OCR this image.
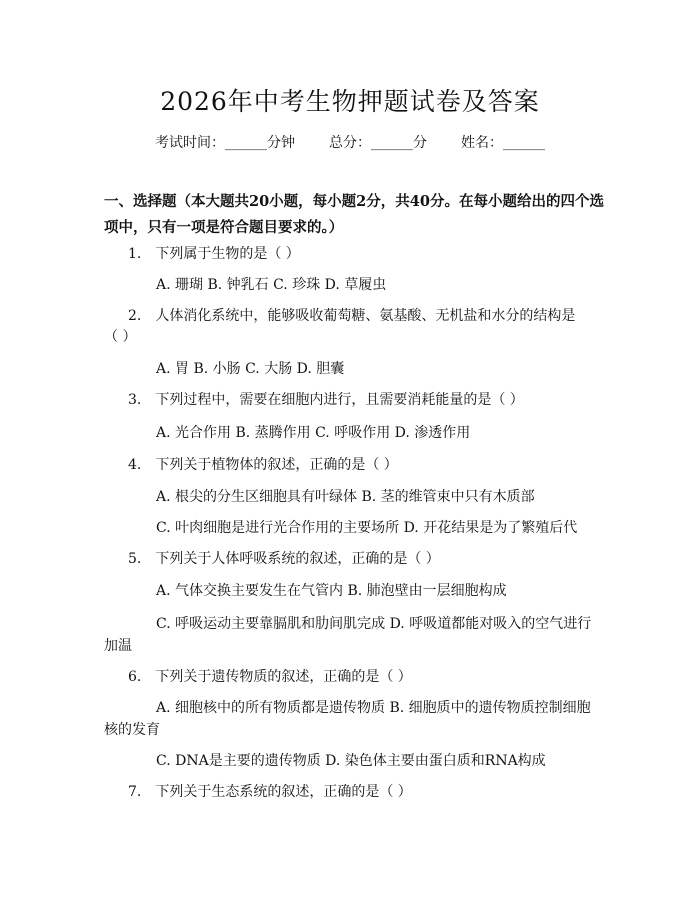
2026年中考生物押题试卷及答案
考试时间：______分钟 总分：______分 姓名：______
一、选择题（本大题共20小题，每小题2分，共40分。在每小题给出的四个选项中，只有一项是符合题目要求的。）
1.　下列属于生物的是（ ）
A. 珊瑚 B. 钟乳石 C. 珍珠 D. 草履虫
2.　人体消化系统中，能够吸收葡萄糖、氨基酸、无机盐和水分的结构是
（ ）
A. 胃 B. 小肠 C. 大肠 D. 胆囊
3.　下列过程中，需要在细胞内进行，且需要消耗能量的是（ ）
A. 光合作用 B. 蒸腾作用 C. 呼吸作用 D. 渗透作用
4.　下列关于植物体的叙述，正确的是（ ）
A. 根尖的分生区细胞具有叶绿体 B. 茎的维管束中只有木质部
C. 叶肉细胞是进行光合作用的主要场所 D. 开花结果是为了繁殖后代
5.　下列关于人体呼吸系统的叙述，正确的是（ ）
A. 气体交换主要发生在气管内 B. 肺泡壁由一层细胞构成
C. 呼吸运动主要靠膈肌和肋间肌完成 D. 呼吸道都能对吸入的空气进行
加温
6.　下列关于遗传物质的叙述，正确的是（ ）
A. 细胞核中的所有物质都是遗传物质 B. 细胞质中的遗传物质控制细胞
核的发育
C. DNA是主要的遗传物质 D. 染色体主要由蛋白质和RNA构成
7.　下列关于生态系统的叙述，正确的是（ ）
